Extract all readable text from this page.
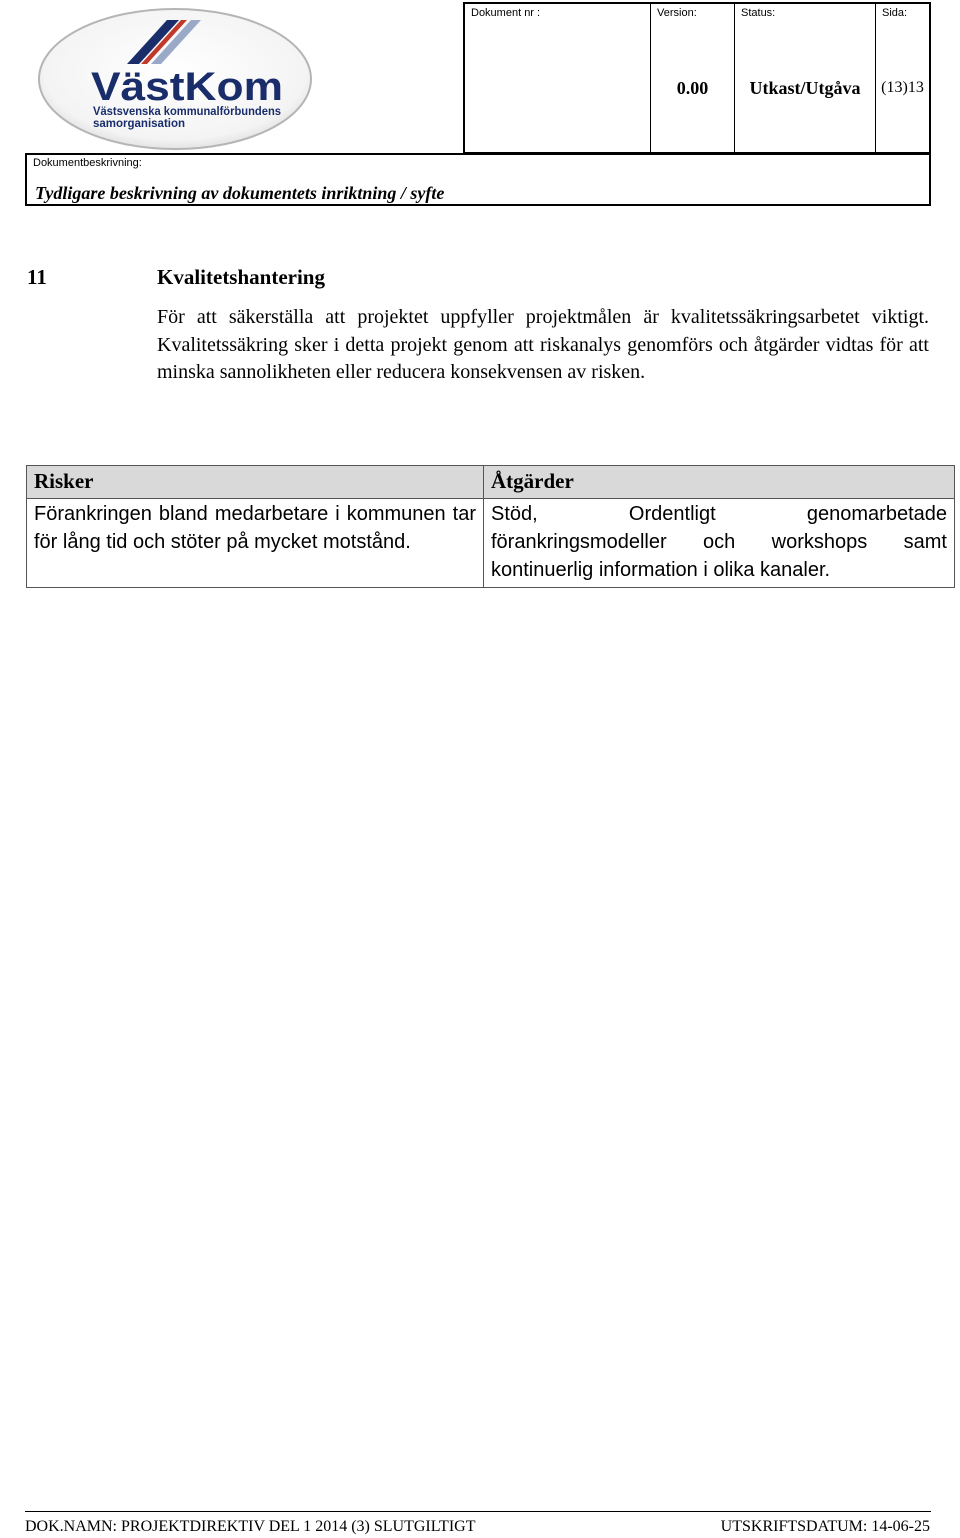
VästKom
Västsvenska kommunalförbundens
samorganisation
Dokument nr :	Version:
0.00
Status:
Utkast/Utgåva
Sida:
(13)13
Dokumentbeskrivning:
Tydligare beskrivning av dokumentets inriktning / syfte
11	Kvalitetshantering

För att säkerställa att projektet uppfyller projektmålen är kvalitetssäkringsarbetet viktigt. Kvalitetssäkring sker i detta projekt genom att riskanalys genomförs och åtgärder vidtas för att minska sannolikheten eller reducera konsekvensen av risken.

Risker	Åtgärder
Förankringen bland medarbetare i kommunen tar för lång tid och stöter på mycket motstånd.	Stöd, Ordentligt genomarbetade förankringsmodeller och workshops samt kontinuerlig information i olika kanaler.
DOK.NAMN: PROJEKTDIREKTIV DEL 1 2014 (3) SLUTGILTIGT	UTSKRIFTSDATUM: 14-06-25
